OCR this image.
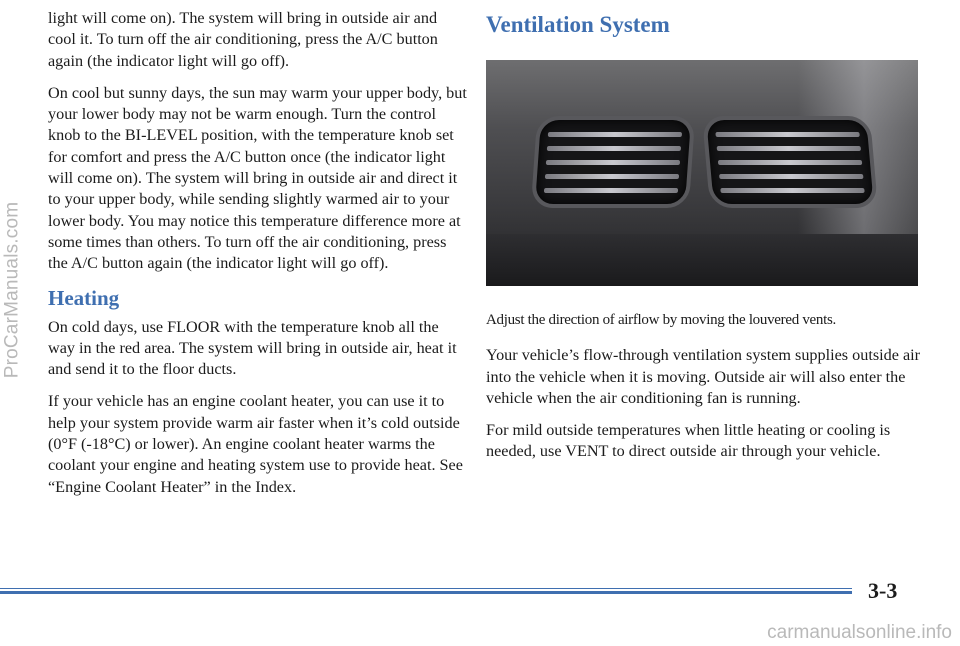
ProCarManuals.com

light will come on). The system will bring in outside air and cool it. To turn off the air conditioning, press the A/C button again (the indicator light will go off).

On cool but sunny days, the sun may warm your upper body, but your lower body may not be warm enough. Turn the control knob to the BI-LEVEL position, with the temperature knob set for comfort and press the A/C button once (the indicator light will come on). The system will bring in outside air and direct it to your upper body, while sending slightly warmed air to your lower body. You may notice this temperature difference more at some times than others. To turn off the air conditioning, press the A/C button again (the indicator light will go off).

Heating

On cold days, use FLOOR with the temperature knob all the way in the red area. The system will bring in outside air, heat it and send it to the floor ducts.

If your vehicle has an engine coolant heater, you can use it to help your system provide warm air faster when it’s cold outside (0°F (-18°C) or lower). An engine coolant heater warms the coolant your engine and heating system use to provide heat. See “Engine Coolant Heater” in the Index.

Ventilation System

Adjust the direction of airflow by moving the louvered vents.

Your vehicle’s flow-through ventilation system supplies outside air into the vehicle when it is moving. Outside air will also enter the vehicle when the air conditioning fan is running.

For mild outside temperatures when little heating or cooling is needed, use VENT to direct outside air through your vehicle.

3-3
carmanualsonline.info
